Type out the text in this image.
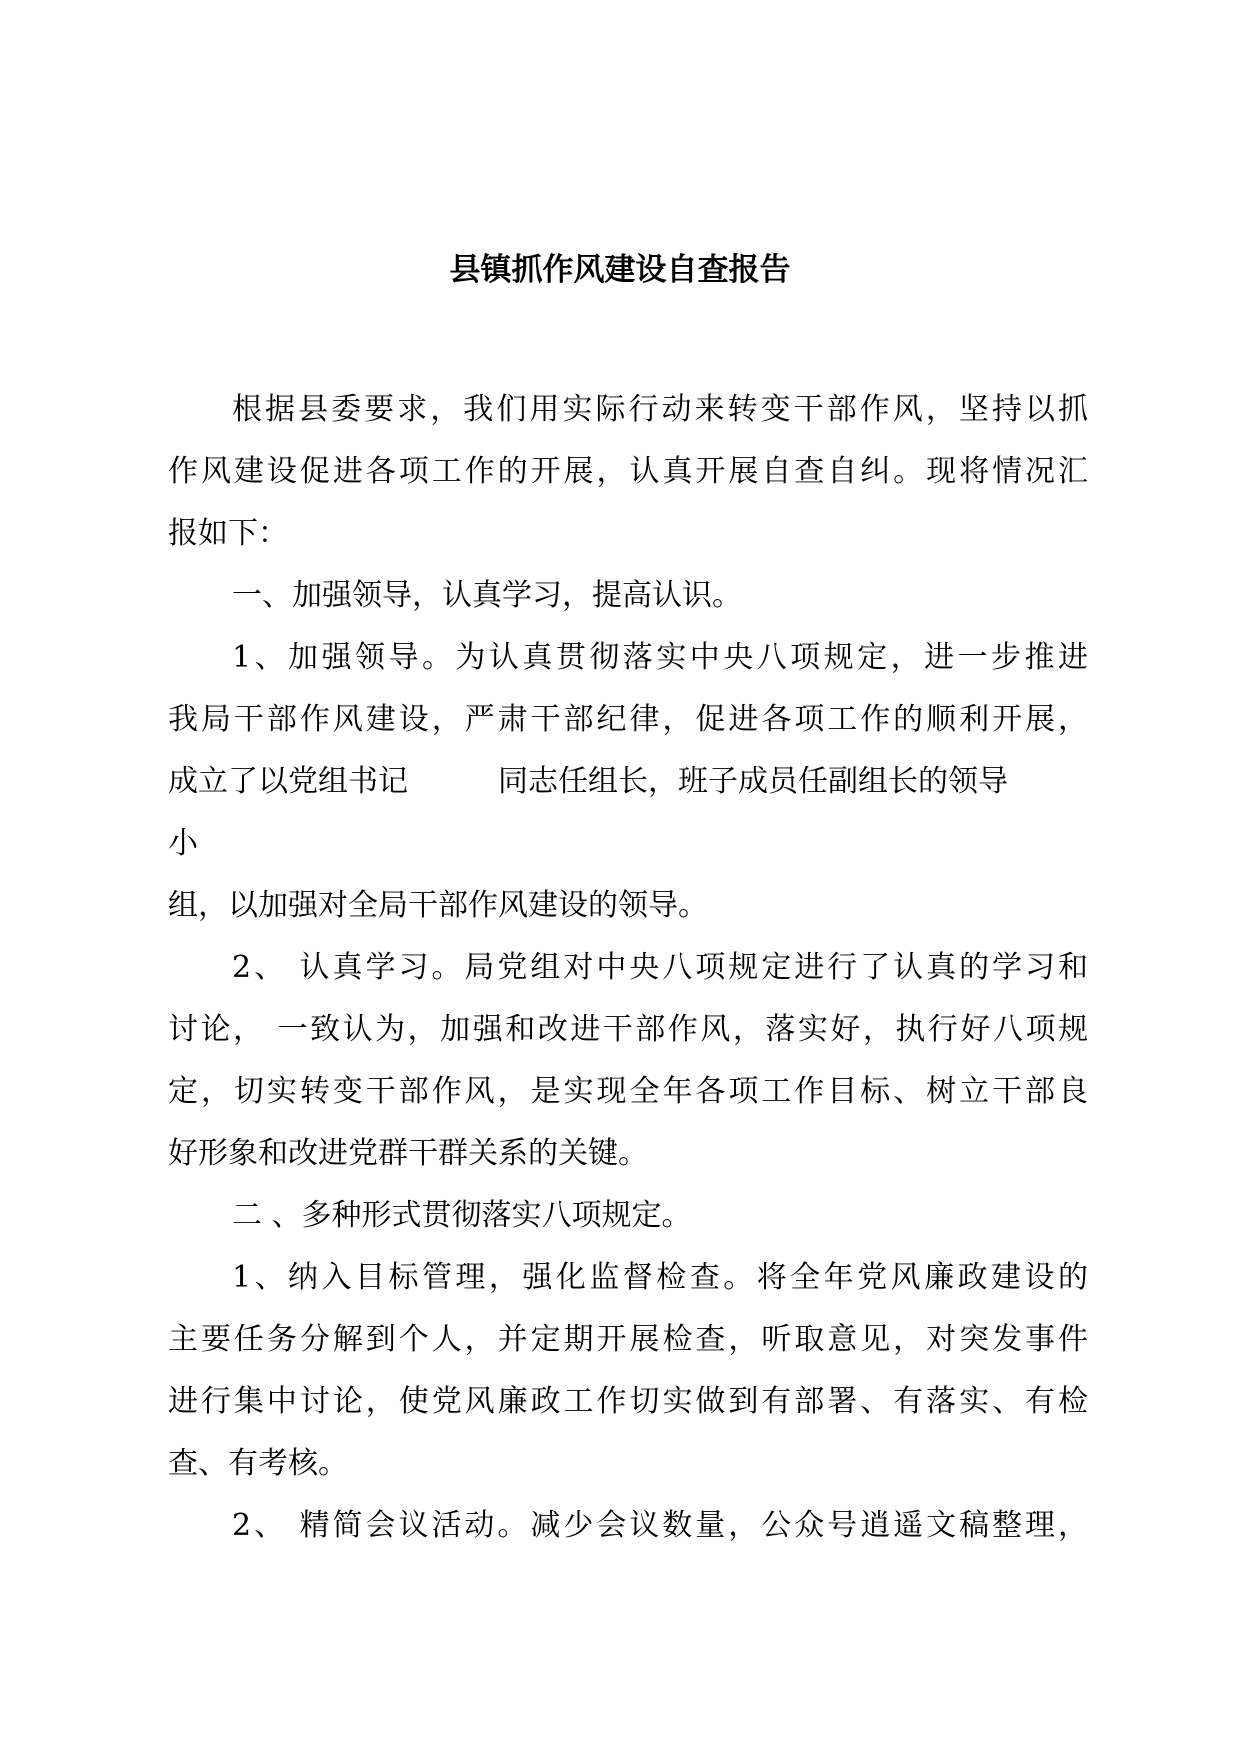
县镇抓作风建设自查报告
根据县委要求，我们用实际行动来转变干部作风，坚持以抓
作风建设促进各项工作的开展，认真开展自查自纠。现将情况汇
报如下：
一、加强领导，认真学习，提高认识。
1、加强领导。为认真贯彻落实中央八项规定，进一步推进
我局干部作风建设，严肃干部纪律，促进各项工作的顺利开展，
成立了以党组书记	同志任组长，班子成员任副组长的领导
小
组，以加强对全局干部作风建设的领导。
2、 认真学习。局党组对中央八项规定进行了认真的学习和
讨论， 一致认为，加强和改进干部作风，落实好，执行好八项规
定，切实转变干部作风，是实现全年各项工作目标、树立干部良
好形象和改进党群干群关系的关键。
二 、多种形式贯彻落实八项规定。
1、纳入目标管理，强化监督检查。将全年党风廉政建设的
主要任务分解到个人，并定期开展检查，听取意见，对突发事件
进行集中讨论，使党风廉政工作切实做到有部署、有落实、有检
查、有考核。
2、 精简会议活动。减少会议数量，公众号逍遥文稿整理，
